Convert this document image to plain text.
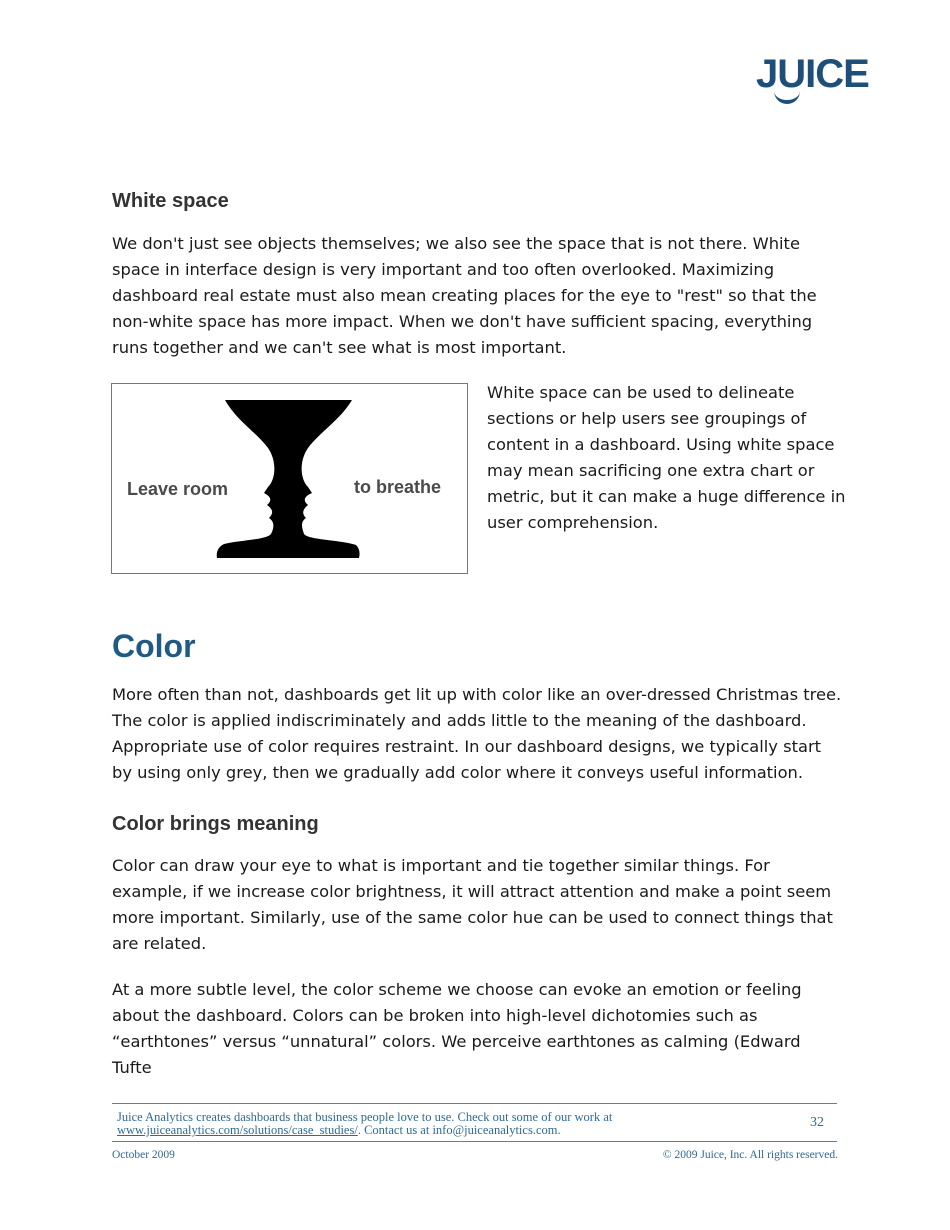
JUICE
White space

We don't just see objects themselves; we also see the space that is not there. White space in interface design is very important and too often overlooked. Maximizing dashboard real estate must also mean creating places for the eye to "rest" so that the non-white space has more impact. When we don't have sufficient spacing, everything runs together and we can't see what is most important.

Leave room	to breathe

White space can be used to delineate sections or help users see groupings of content in a dashboard. Using white space may mean sacrificing one extra chart or metric, but it can make a huge difference in user comprehension.

Color

More often than not, dashboards get lit up with color like an over-dressed Christmas tree. The color is applied indiscriminately and adds little to the meaning of the dashboard. Appropriate use of color requires restraint. In our dashboard designs, we typically start by using only grey, then we gradually add color where it conveys useful information.

Color brings meaning

Color can draw your eye to what is important and tie together similar things. For example, if we increase color brightness, it will attract attention and make a point seem more important. Similarly, use of the same color hue can be used to connect things that are related.

At a more subtle level, the color scheme we choose can evoke an emotion or feeling about the dashboard. Colors can be broken into high-level dichotomies such as “earthtones” versus “unnatural” colors. We perceive earthtones as calming (Edward Tufte

Juice Analytics creates dashboards that business people love to use. Check out some of our work at
www.juiceanalytics.com/solutions/case_studies/. Contact us at info@juiceanalytics.com.	32
October 2009	© 2009 Juice, Inc. All rights reserved.
